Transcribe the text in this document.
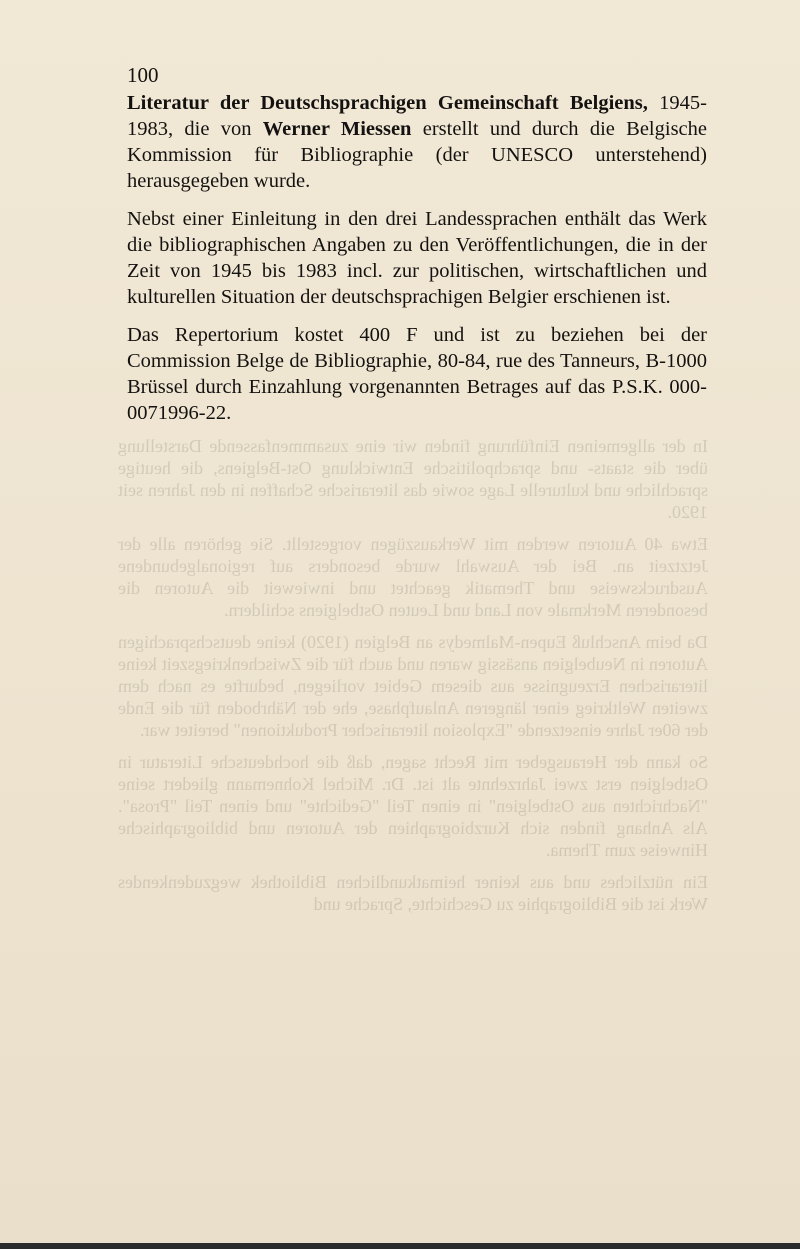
In der allgemeinen Einführung finden wir eine zusammenfassende Darstellung über die staats- und sprachpolitische Entwicklung Ost-Belgiens, die heutige sprachliche und kulturelle Lage sowie das literarische Schaffen in den Jahren seit 1920.

Etwa 40 Autoren werden mit Werkauszügen vorgestellt. Sie gehören alle der Jetztzeit an. Bei der Auswahl wurde besonders auf regionalgebundene Ausdrucksweise und Thematik geachtet und inwieweit die Autoren die besonderen Merkmale von Land und Leuten Ostbelgiens schildern.

Da beim Anschluß Eupen-Malmedys an Belgien (1920) keine deutschsprachigen Autoren in Neubelgien ansässig waren und auch für die Zwischenkriegszeit keine literarischen Erzeugnisse aus diesem Gebiet vorliegen, bedurfte es nach dem zweiten Weltkrieg einer längeren Anlaufphase, ehe der Nährboden für die Ende der 60er Jahre einsetzende "Explosion literarischer Produktionen" bereitet war.

So kann der Herausgeber mit Recht sagen, daß die hochdeutsche Literatur in Ostbelgien erst zwei Jahrzehnte alt ist. Dr. Michel Kohnemann gliedert seine "Nachrichten aus Ostbelgien" in einen Teil "Gedichte" und einen Teil "Prosa". Als Anhang finden sich Kurzbiographien der Autoren und bibliographische Hinweise zum Thema.

Ein nützliches und aus keiner heimatkundlichen Bibliothek wegzudenkendes Werk ist die Bibliographie zu Geschichte, Sprache und

100

Literatur der Deutschsprachigen Gemeinschaft Belgiens, 1945-1983, die von Werner Miessen erstellt und durch die Belgische Kommission für Bibliographie (der UNESCO unterstehend) herausgegeben wurde.

Nebst einer Einleitung in den drei Landessprachen enthält das Werk die bibliographischen Angaben zu den Veröffentlichungen, die in der Zeit von 1945 bis 1983 incl. zur politischen, wirtschaftlichen und kulturellen Situation der deutschsprachigen Belgier erschienen ist.

Das Repertorium kostet 400 F und ist zu beziehen bei der Commission Belge de Bibliographie, 80-84, rue des Tanneurs, B-1000 Brüssel durch Einzahlung vorgenannten Betrages auf das P.S.K. 000-0071996-22.
